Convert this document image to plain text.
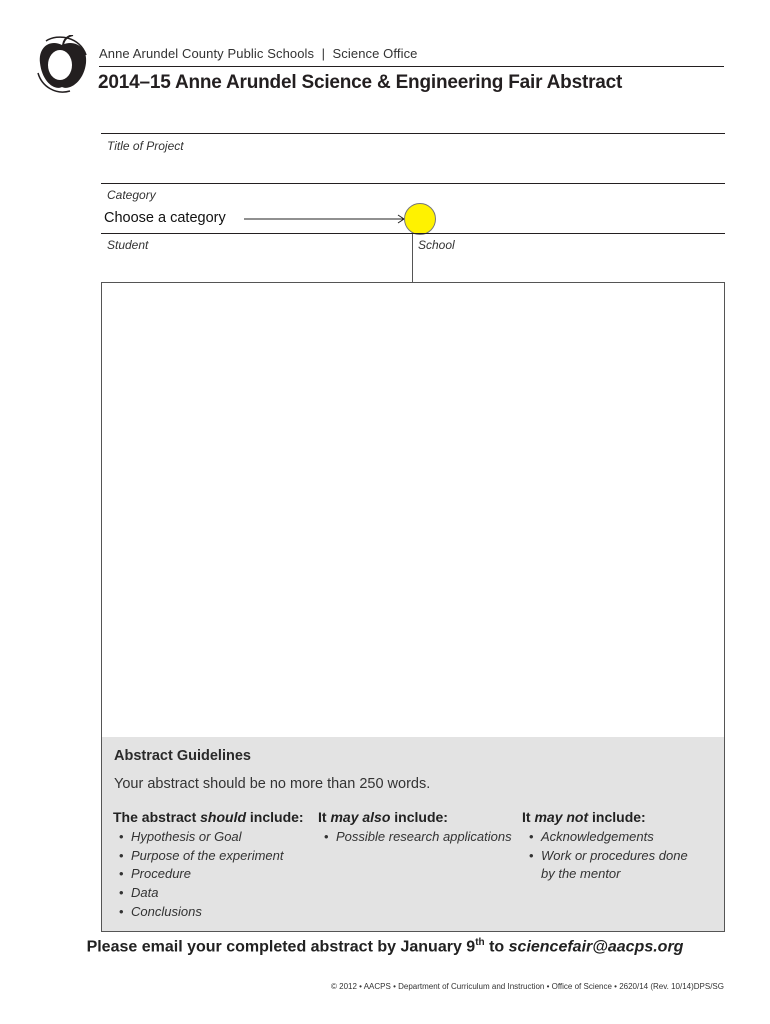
Anne Arundel County Public Schools | Science Office
2014–15 Anne Arundel Science & Engineering Fair Abstract
Title of Project
Category
Choose a category
Student	School
Abstract Guidelines
Your abstract should be no more than 250 words.
The abstract should include:
• Hypothesis or Goal
• Purpose of the experiment
• Procedure
• Data
• Conclusions
It may also include:
• Possible research applications
It may not include:
• Acknowledgements
• Work or procedures done
by the mentor
Please email your completed abstract by January 9th to sciencefair@aacps.org
© 2012 • AACPS • Department of Curriculum and Instruction • Office of Science • 2620/14 (Rev. 10/14)DPS/SG
